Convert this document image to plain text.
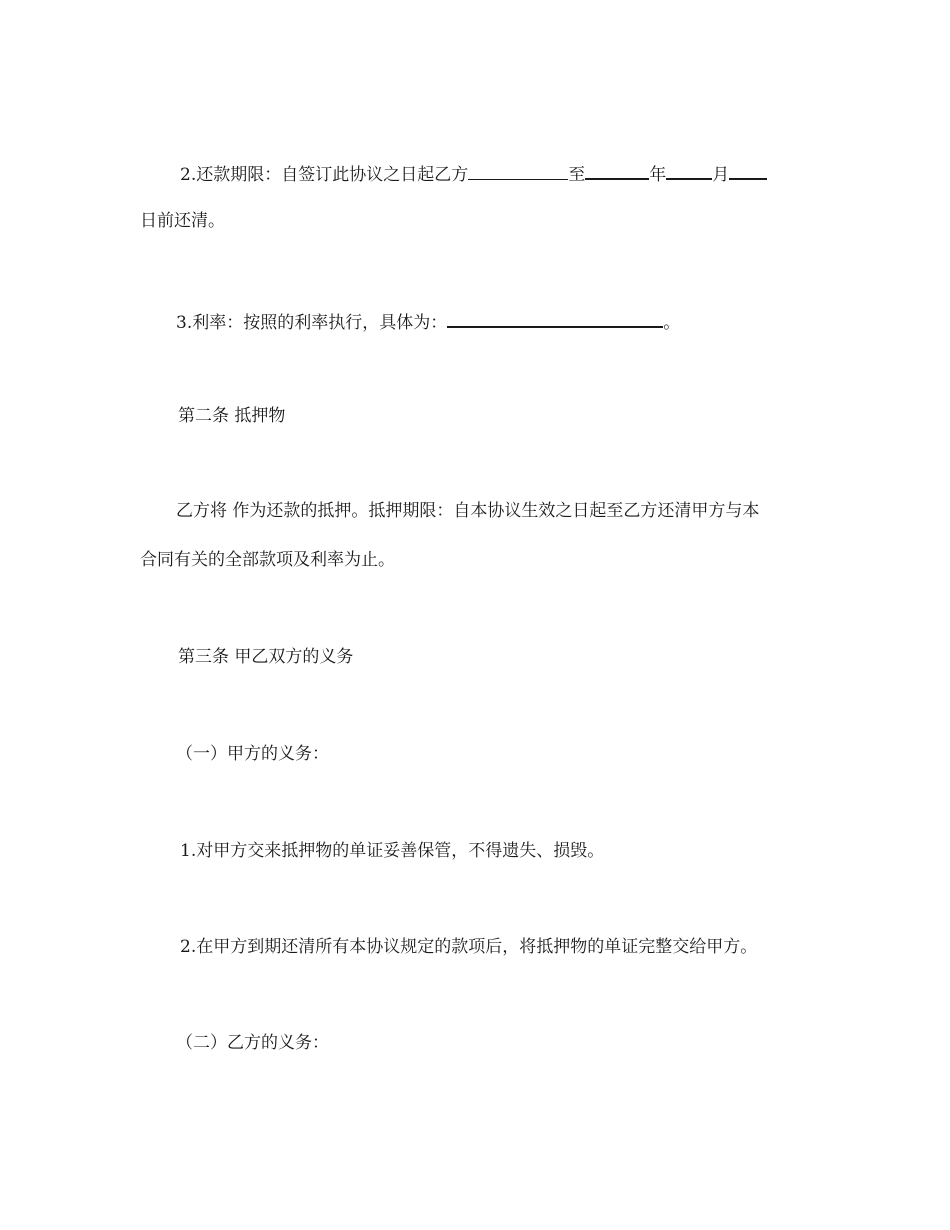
2.还款期限：自签订此协议之日起乙方	至	年	月
日前还清。
3.利率：按照的利率执行，具体为：	。
第二条 抵押物
乙方将 作为还款的抵押。抵押期限：自本协议生效之日起至乙方还清甲方与本
合同有关的全部款项及利率为止。
第三条 甲乙双方的义务
（一）甲方的义务：
1.对甲方交来抵押物的单证妥善保管，不得遗失、损毁。
2.在甲方到期还清所有本协议规定的款项后，将抵押物的单证完整交给甲方。
（二）乙方的义务：
